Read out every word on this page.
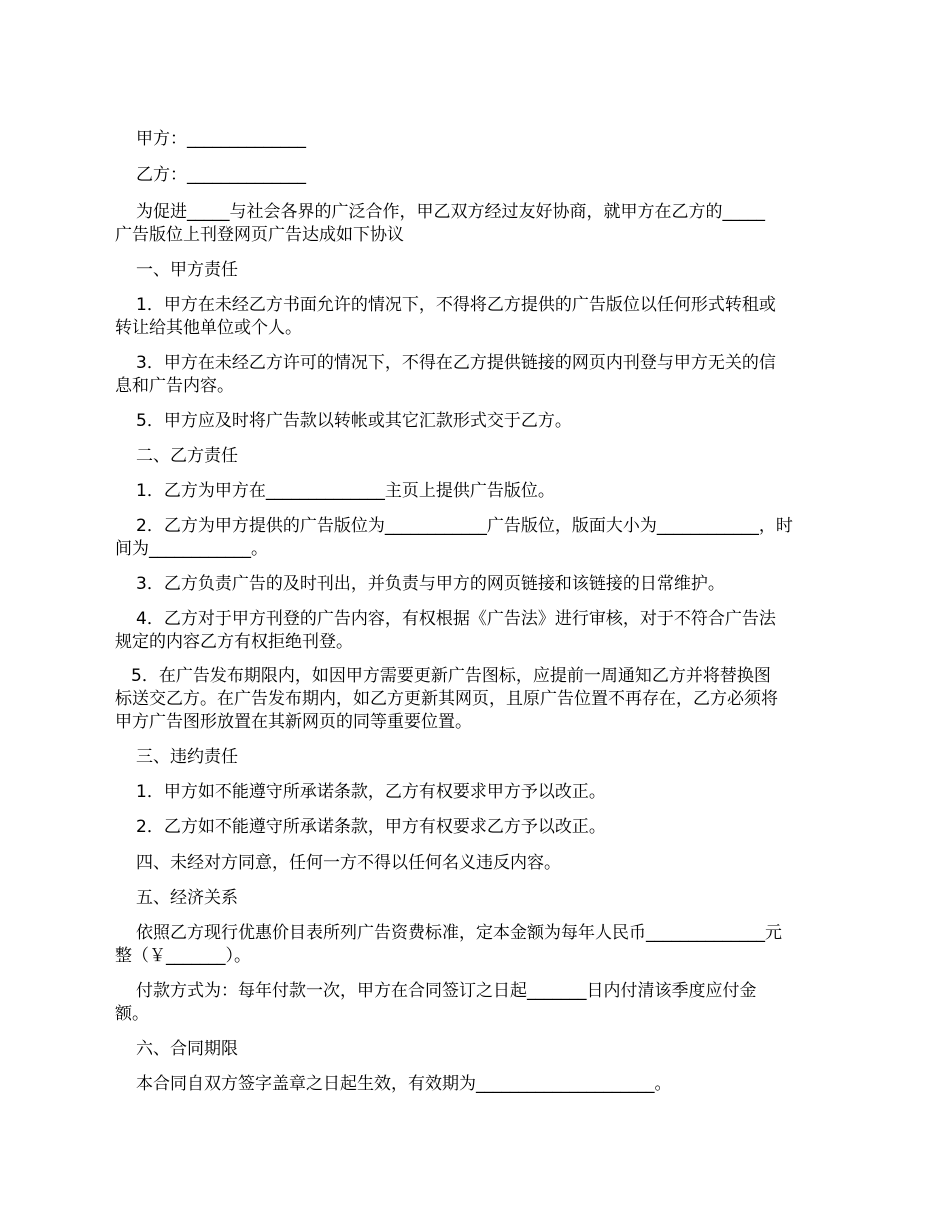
甲方：______________
乙方：______________
为促进_____与社会各界的广泛合作，甲乙双方经过友好协商，就甲方在乙方的_____
广告版位上刊登网页广告达成如下协议
一、甲方责任
1．甲方在未经乙方书面允许的情况下，不得将乙方提供的广告版位以任何形式转租或
转让给其他单位或个人。
3．甲方在未经乙方许可的情况下，不得在乙方提供链接的网页内刊登与甲方无关的信
息和广告内容。
5．甲方应及时将广告款以转帐或其它汇款形式交于乙方。
二、乙方责任
1．乙方为甲方在______________主页上提供广告版位。
2．乙方为甲方提供的广告版位为____________广告版位，版面大小为____________，时
间为____________。
3．乙方负责广告的及时刊出，并负责与甲方的网页链接和该链接的日常维护。
4．乙方对于甲方刊登的广告内容，有权根据《广告法》进行审核，对于不符合广告法
规定的内容乙方有权拒绝刊登。
5．在广告发布期限内，如因甲方需要更新广告图标，应提前一周通知乙方并将替换图
标送交乙方。在广告发布期内，如乙方更新其网页，且原广告位置不再存在，乙方必须将
甲方广告图形放置在其新网页的同等重要位置。
三、违约责任
1．甲方如不能遵守所承诺条款，乙方有权要求甲方予以改正。
2．乙方如不能遵守所承诺条款，甲方有权要求乙方予以改正。
四、未经对方同意，任何一方不得以任何名义违反内容。
五、经济关系
依照乙方现行优惠价目表所列广告资费标准，定本金额为每年人民币______________元
整（￥_______）。
付款方式为：每年付款一次，甲方在合同签订之日起_______日内付清该季度应付金
额。
六、合同期限
本合同自双方签字盖章之日起生效，有效期为_____________________。
